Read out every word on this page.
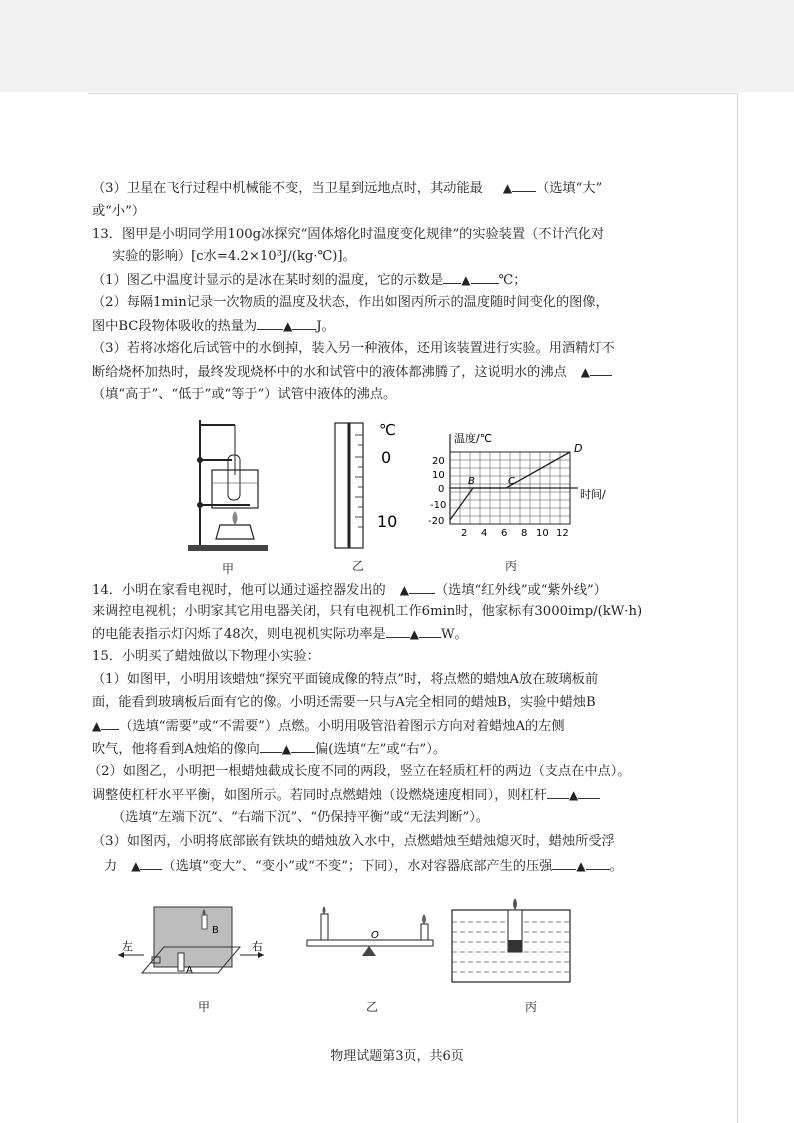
（3）卫星在飞行过程中机械能不变，当卫星到远地点时，其动能最 ▲ （选填“大”
或“小”）
13．图甲是小明同学用100g冰探究“固体熔化时温度变化规律”的实验装置（不计汽化对
实验的影响）[c水=4.2×10³J/(kg·℃)]。
（1）图乙中温度计显示的是冰在某时刻的温度，它的示数是 ▲ ℃；
（2）每隔1min记录一次物质的温度及状态，作出如图丙所示的温度随时间变化的图像，
图中BC段物体吸收的热量为 ▲ J。
（3）若将冰熔化后试管中的水倒掉，装入另一种液体，还用该装置进行实验。用酒精灯不
断给烧杯加热时，最终发现烧杯中的水和试管中的液体都沸腾了，这说明水的沸点 ▲
（填“高于”、“低于”或“等于”）试管中液体的沸点。
甲
℃
0
10
乙
温度/℃
时间/
20
10
0
-10
-20
2 4 6 8 10 12
B	C
D
丙
14．小明在家看电视时，他可以通过遥控器发出的 ▲ （选填“红外线”或“紫外线”）
来调控电视机；小明家其它用电器关闭，只有电视机工作6min时，他家标有3000imp/(kW·h)
的电能表指示灯闪烁了48次，则电视机实际功率是 ▲ W。
15．小明买了蜡烛做以下物理小实验：
（1）如图甲，小明用该蜡烛“探究平面镜成像的特点”时，将点燃的蜡烛A放在玻璃板前
面，能看到玻璃板后面有它的像。小明还需要一只与A完全相同的蜡烛B，实验中蜡烛B
▲ （选填“需要”或“不需要”）点燃。小明用吸管沿着图示方向对着蜡烛A的左侧
吹气，他将看到A烛焰的像向 ▲ 偏(选填“左”或“右”）。
（2）如图乙，小明把一根蜡烛截成长度不同的两段，竖立在轻质杠杆的两边（支点在中点）。
调整使杠杆水平平衡，如图所示。若同时点燃蜡烛（设燃烧速度相同），则杠杆 ▲
（选填“左端下沉”、“右端下沉”、“仍保持平衡”或“无法判断”）。
（3）如图丙，小明将底部嵌有铁块的蜡烛放入水中，点燃蜡烛至蜡烛熄灭时，蜡烛所受浮
力 ▲ （选填“变大”、“变小”或“不变”；下同），水对容器底部产生的压强 ▲ 。
左	右
A
B
甲
O
乙	丙
物理试题第3页，共6页
